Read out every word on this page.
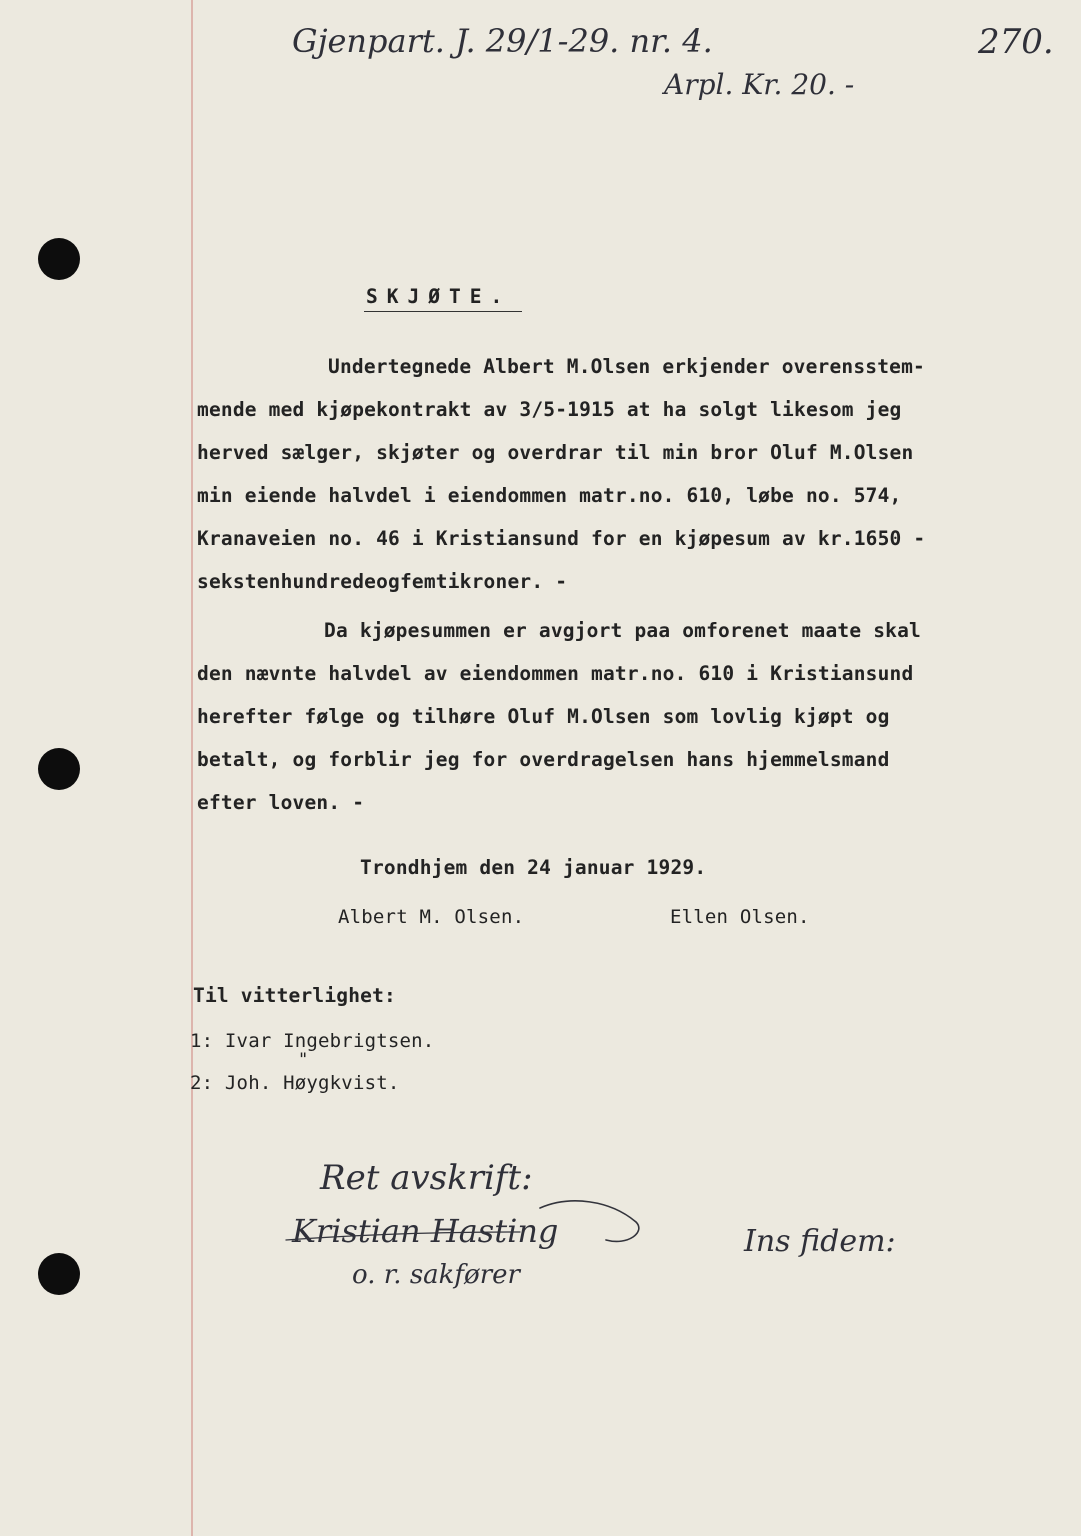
Gjenpart. J. 29/1-29. nr. 4.
Arpl. Kr. 20. -
270.
SKJØTE.
Undertegnede Albert M.Olsen erkjender overensstem-
mende med kjøpekontrakt av 3/5-1915 at ha solgt likesom jeg
herved sælger, skjøter og overdrar til min bror Oluf M.Olsen
min eiende halvdel i eiendommen matr.no. 610, løbe no. 574,
Kranaveien no. 46 i Kristiansund for en kjøpesum av kr.1650 -
sekstenhundredeogfemtikroner. -
Da kjøpesummen er avgjort paa omforenet maate skal
den nævnte halvdel av eiendommen matr.no. 610 i Kristiansund
herefter følge og tilhøre Oluf M.Olsen som lovlig kjøpt og
betalt, og forblir jeg for overdragelsen hans hjemmelsmand
efter loven. -
Trondhjem den 24 januar 1929.
Albert M. Olsen.	Ellen Olsen.
Til vitterlighet:
1: Ivar Ingebrigtsen.
"
2: Joh. Høygkvist.
Ret avskrift:
Kristian Hasting
o. r. sakfører
Ins fidem:
